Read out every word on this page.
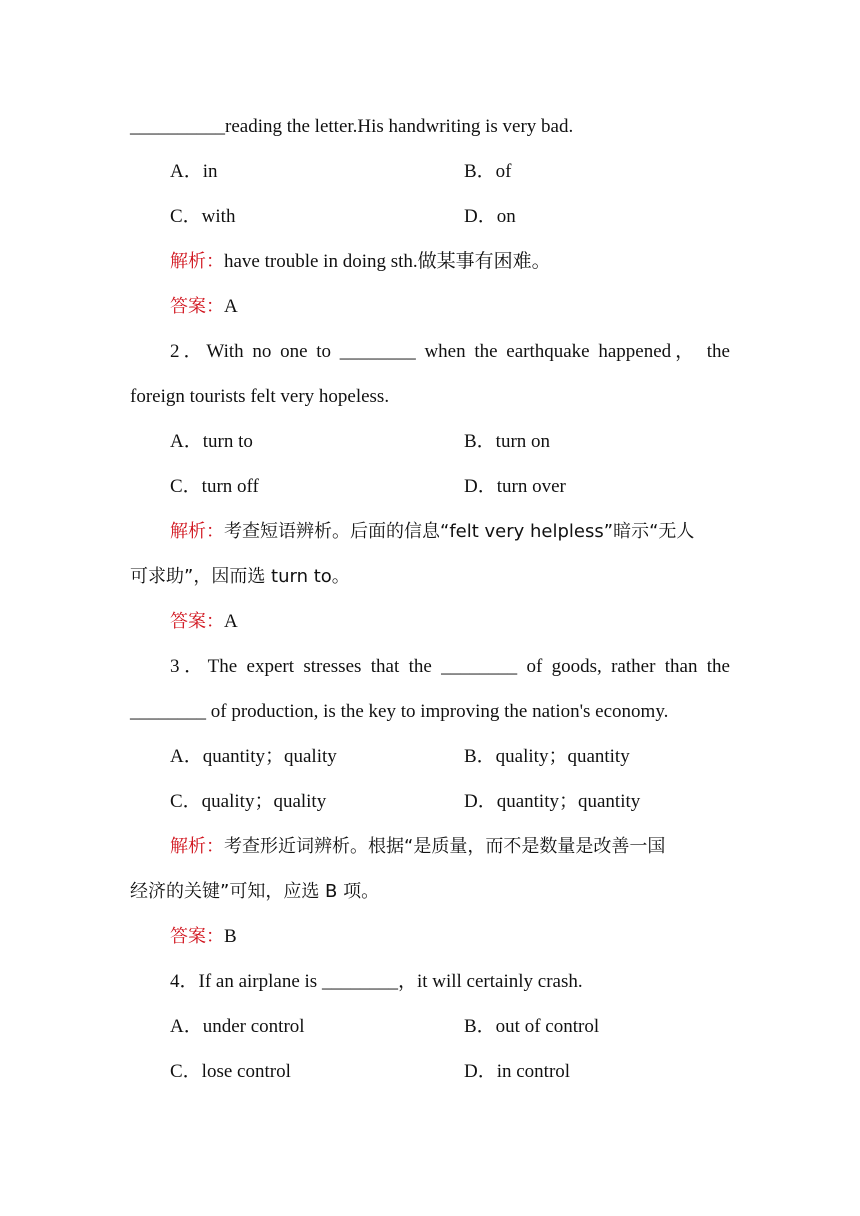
__________reading the letter.His handwriting is very bad.
A．in	B．of
C．with	D．on
解析：have trouble in doing sth.做某事有困难。
答案：A
2．With no one to ________ when the earthquake happened， the
foreign tourists felt very hopeless.
A．turn to	B．turn on
C．turn off	D．turn over
解析：考查短语辨析。后面的信息“felt very helpless”暗示“无人
可求助”，因而选 turn to。
答案：A
3．The expert stresses that the ________ of goods, rather than the
________ of production, is the key to improving the nation's economy.
A．quantity；quality	B．quality；quantity
C．quality；quality	D．quantity；quantity
解析：考查形近词辨析。根据“是质量，而不是数量是改善一国
经济的关键”可知，应选 B 项。
答案：B
4．If an airplane is ________，it will certainly crash.
A．under control	B．out of control
C．lose control	D．in control
